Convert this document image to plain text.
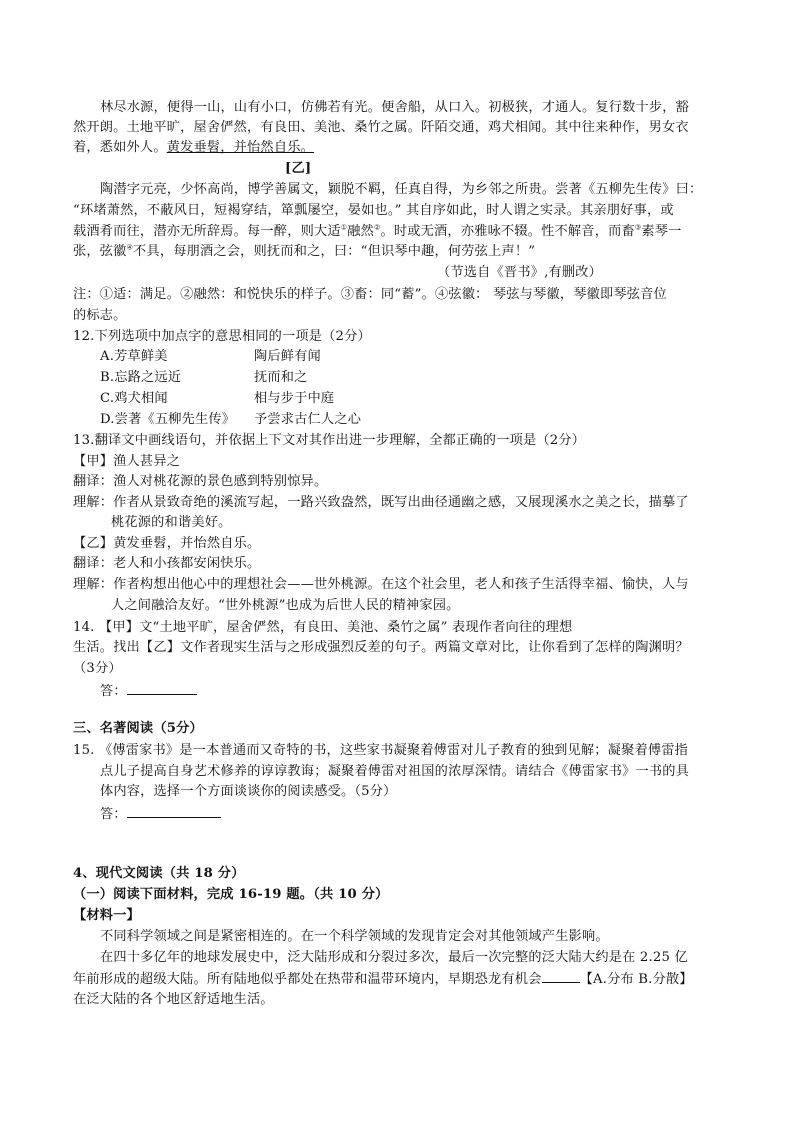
林尽水源，便得一山，山有小口，仿佛若有光。便舍船，从口入。初极狭，才通人。复行数十步，豁
然开朗。土地平旷，屋舍俨然，有良田、美池、桑竹之属。阡陌交通，鸡犬相闻。其中往来种作，男女衣
着，悉如外人。黄发垂髫，并怡然自乐。
[乙]
陶潜字元亮，少怀高尚，博学善属文，颖脱不羁，任真自得，为乡邻之所贵。尝著《五柳先生传》曰：
“环堵萧然，不蔽风日，短褐穿结，箪瓢屡空，晏如也。” 其自序如此，时人谓之实录。其亲朋好事，或
载酒肴而往，潜亦无所辞焉。每一醉，则大适①融然②。时或无酒，亦雅咏不辍。性不解音，而畜③素琴一
张，弦徽④不具，每朋酒之会，则抚而和之，曰：“但识琴中趣，何劳弦上声！”
（节选自《晋书》,有删改）
注：①适：满足。②融然：和悦快乐的样子。③畜：同“蓄”。④弦徽： 琴弦与琴徽，琴徽即琴弦音位
的标志。
12.下列选项中加点字的意思相同的一项是（2分）
A.芳草鲜美	陶后鲜有闻
B.忘路之远近	抚而和之
C.鸡犬相闻	相与步于中庭
D.尝著《五柳先生传》 予尝求古仁人之心
13.翻译文中画线语句，并依据上下文对其作出进一步理解，全都正确的一项是（2分）
【甲】渔人甚异之
翻译：渔人对桃花源的景色感到特别惊异。
理解：作者从景致奇绝的溪流写起，一路兴致盎然，既写出曲径通幽之感，又展现溪水之美之长，描摹了
桃花源的和谐美好。
【乙】黄发垂髫，并怡然自乐。
翻译：老人和小孩都安闲快乐。
理解：作者构想出他心中的理想社会——世外桃源。在这个社会里，老人和孩子生活得幸福、愉快，人与
人之间融洽友好。“世外桃源”也成为后世人民的精神家园。
14. 【甲】文“土地平旷，屋舍俨然，有良田、美池、桑竹之属” 表现作者向往的理想
生活。找出【乙】文作者现实生活与之形成强烈反差的句子。两篇文章对比，让你看到了怎样的陶渊明？
（3分）
答：
三、名著阅读（5分）
15. 《傅雷家书》是一本普通而又奇特的书，这些家书凝聚着傅雷对儿子教育的独到见解；凝聚着傅雷指
点儿子提高自身艺术修养的谆谆教诲；凝聚着傅雷对祖国的浓厚深情。请结合《傅雷家书》一书的具
体内容，选择一个方面谈谈你的阅读感受。（5分）
答：
4、现代文阅读（共 18 分）
（一）阅读下面材料，完成 16-19 题。（共 10 分）
【材料一】
不同科学领域之间是紧密相连的。在一个科学领域的发现肯定会对其他领域产生影响。
在四十多亿年的地球发展史中，泛大陆形成和分裂过多次，最后一次完整的泛大陆大约是在 2.25 亿
年前形成的超级大陆。所有陆地似乎都处在热带和温带环境内，早期恐龙有机会	【A.分布 B.分散】
在泛大陆的各个地区舒适地生活。
